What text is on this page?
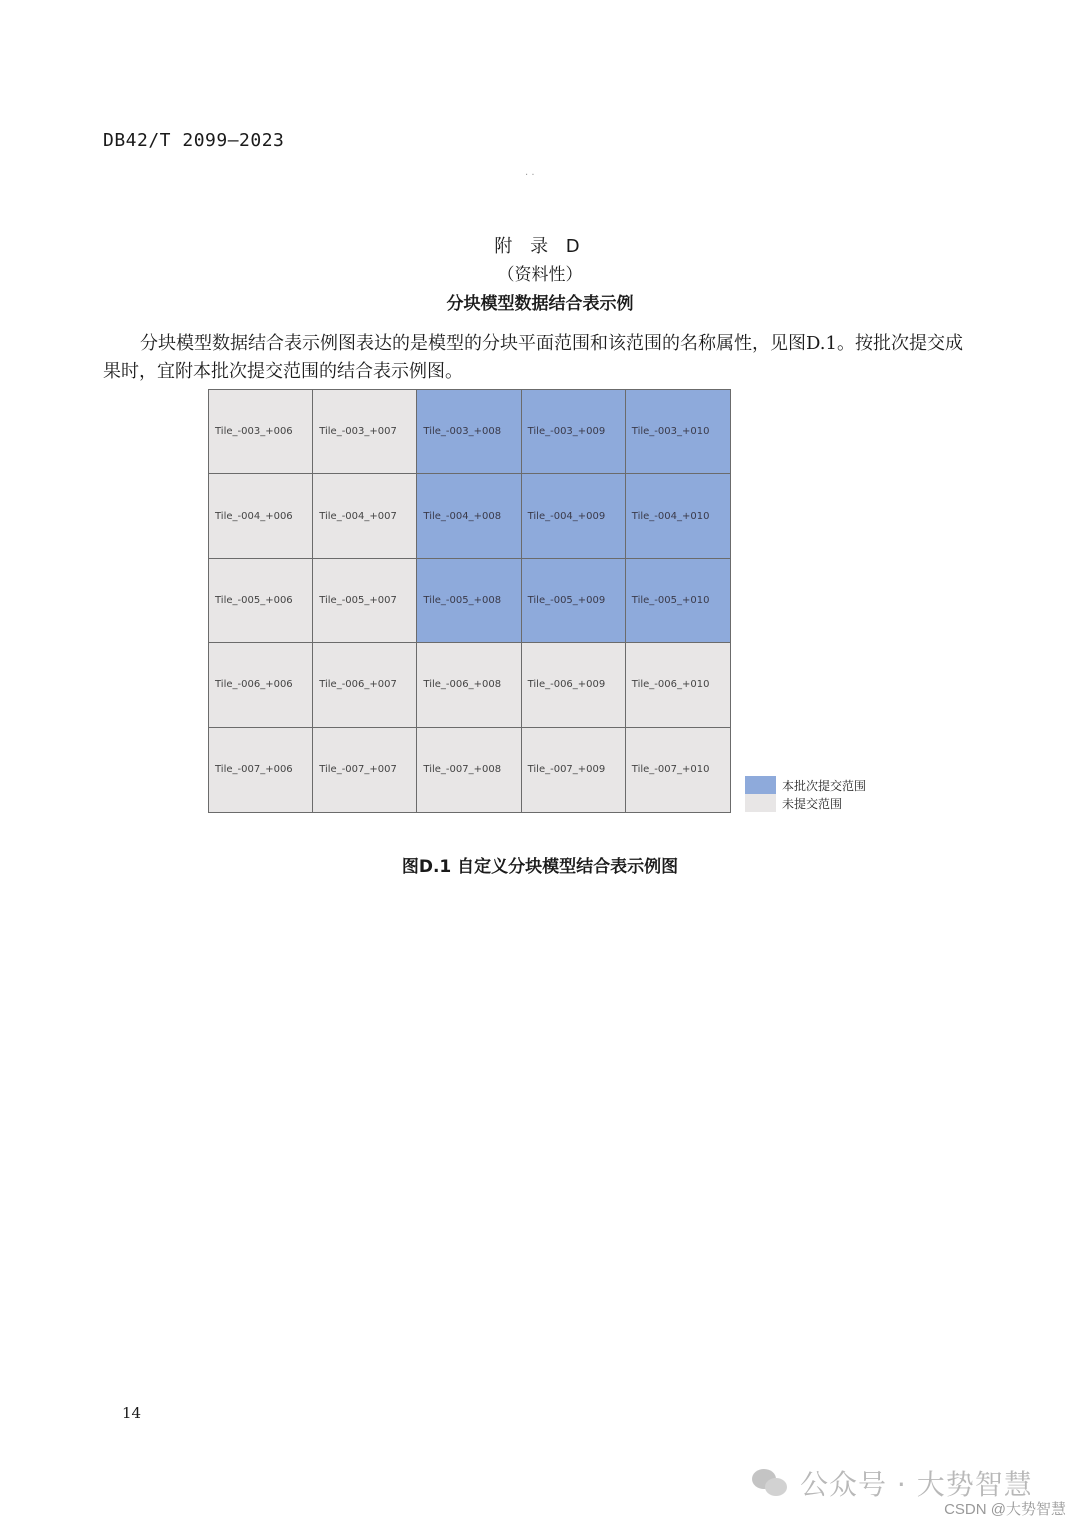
DB42/T 2099—2023
· ·
附 录 D
（资料性）
分块模型数据结合表示例
分块模型数据结合表示例图表达的是模型的分块平面范围和该范围的名称属性，见图D.1。按批次提交成果时，宜附本批次提交范围的结合表示例图。
Tile_-003_+006	Tile_-003_+007	Tile_-003_+008	Tile_-003_+009	Tile_-003_+010
Tile_-004_+006	Tile_-004_+007	Tile_-004_+008	Tile_-004_+009	Tile_-004_+010
Tile_-005_+006	Tile_-005_+007	Tile_-005_+008	Tile_-005_+009	Tile_-005_+010
Tile_-006_+006	Tile_-006_+007	Tile_-006_+008	Tile_-006_+009	Tile_-006_+010
Tile_-007_+006	Tile_-007_+007	Tile_-007_+008	Tile_-007_+009	Tile_-007_+010
本批次提交范围
未提交范围
图D.1 自定义分块模型结合表示例图
14
公众号 · 大势智慧
CSDN @大势智慧
